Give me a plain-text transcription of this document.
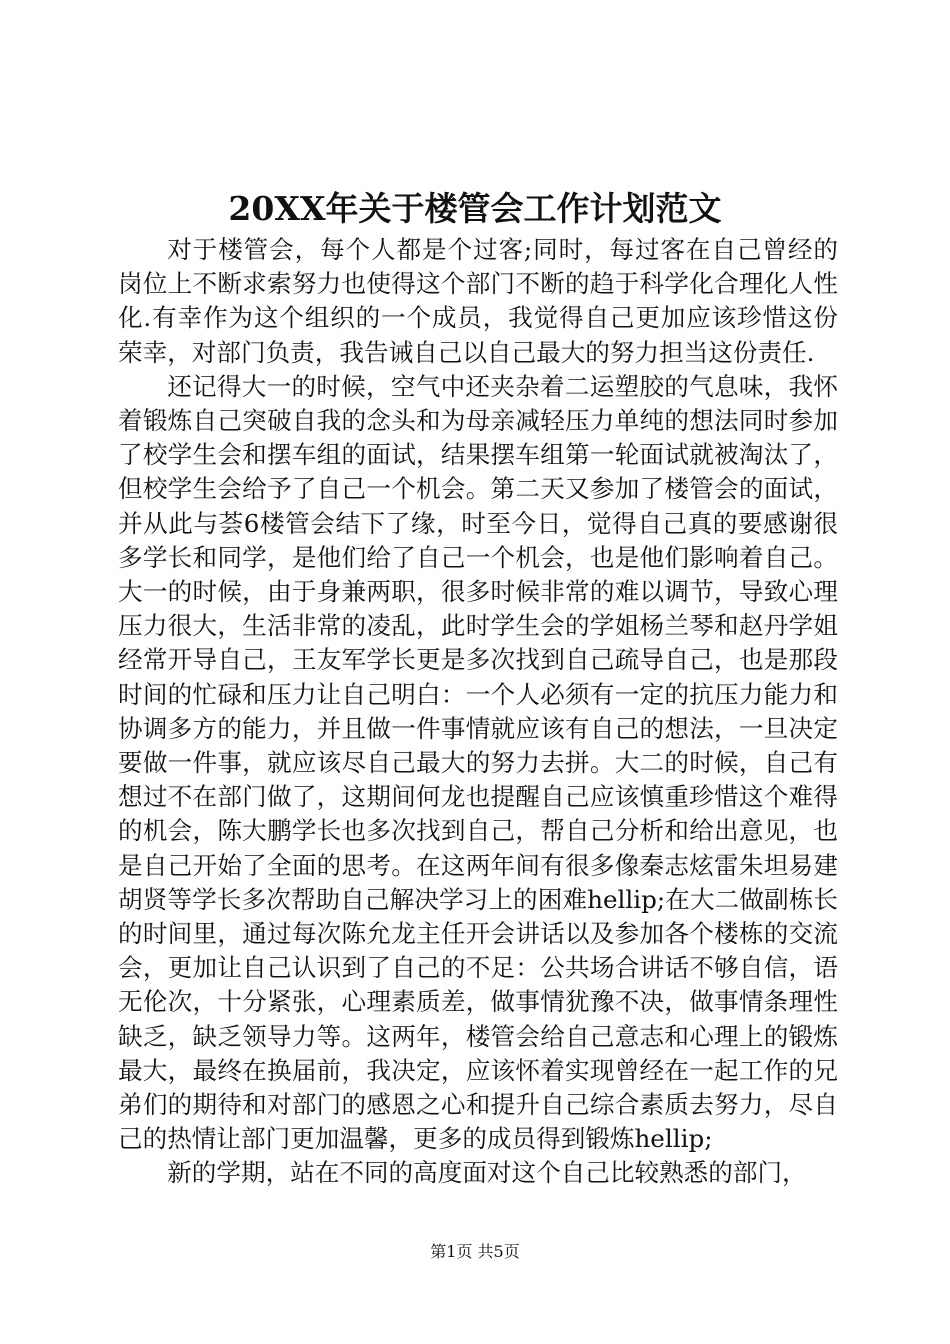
20XX年关于楼管会工作计划范文

对于楼管会，每个人都是个过客;同时，每过客在自己曾经的岗位上不断求索努力也使得这个部门不断的趋于科学化合理化人性化.有幸作为这个组织的一个成员，我觉得自己更加应该珍惜这份荣幸，对部门负责，我告诫自己以自己最大的努力担当这份责任.

还记得大一的时候，空气中还夹杂着二运塑胶的气息味，我怀着锻炼自己突破自我的念头和为母亲减轻压力单纯的想法同时参加了校学生会和摆车组的面试，结果摆车组第一轮面试就被淘汰了，但校学生会给予了自己一个机会。第二天又参加了楼管会的面试，并从此与荟6楼管会结下了缘，时至今日，觉得自己真的要感谢很多学长和同学，是他们给了自己一个机会，也是他们影响着自己。大一的时候，由于身兼两职，很多时候非常的难以调节，导致心理压力很大，生活非常的凌乱，此时学生会的学姐杨兰琴和赵丹学姐经常开导自己，王友军学长更是多次找到自己疏导自己，也是那段时间的忙碌和压力让自己明白：一个人必须有一定的抗压力能力和协调多方的能力，并且做一件事情就应该有自己的想法，一旦决定要做一件事，就应该尽自己最大的努力去拼。大二的时候，自己有想过不在部门做了，这期间何龙也提醒自己应该慎重珍惜这个难得的机会，陈大鹏学长也多次找到自己，帮自己分析和给出意见，也是自己开始了全面的思考。在这两年间有很多像秦志炫雷朱坦易建胡贤等学长多次帮助自己解决学习上的困难hellip;在大二做副栋长的时间里，通过每次陈允龙主任开会讲话以及参加各个楼栋的交流会，更加让自己认识到了自己的不足：公共场合讲话不够自信，语无伦次，十分紧张，心理素质差，做事情犹豫不决，做事情条理性缺乏，缺乏领导力等。这两年，楼管会给自己意志和心理上的锻炼最大，最终在换届前，我决定，应该怀着实现曾经在一起工作的兄弟们的期待和对部门的感恩之心和提升自己综合素质去努力，尽自己的热情让部门更加温馨，更多的成员得到锻炼hellip;

新的学期，站在不同的高度面对这个自己比较熟悉的部门，

第1页 共5页
